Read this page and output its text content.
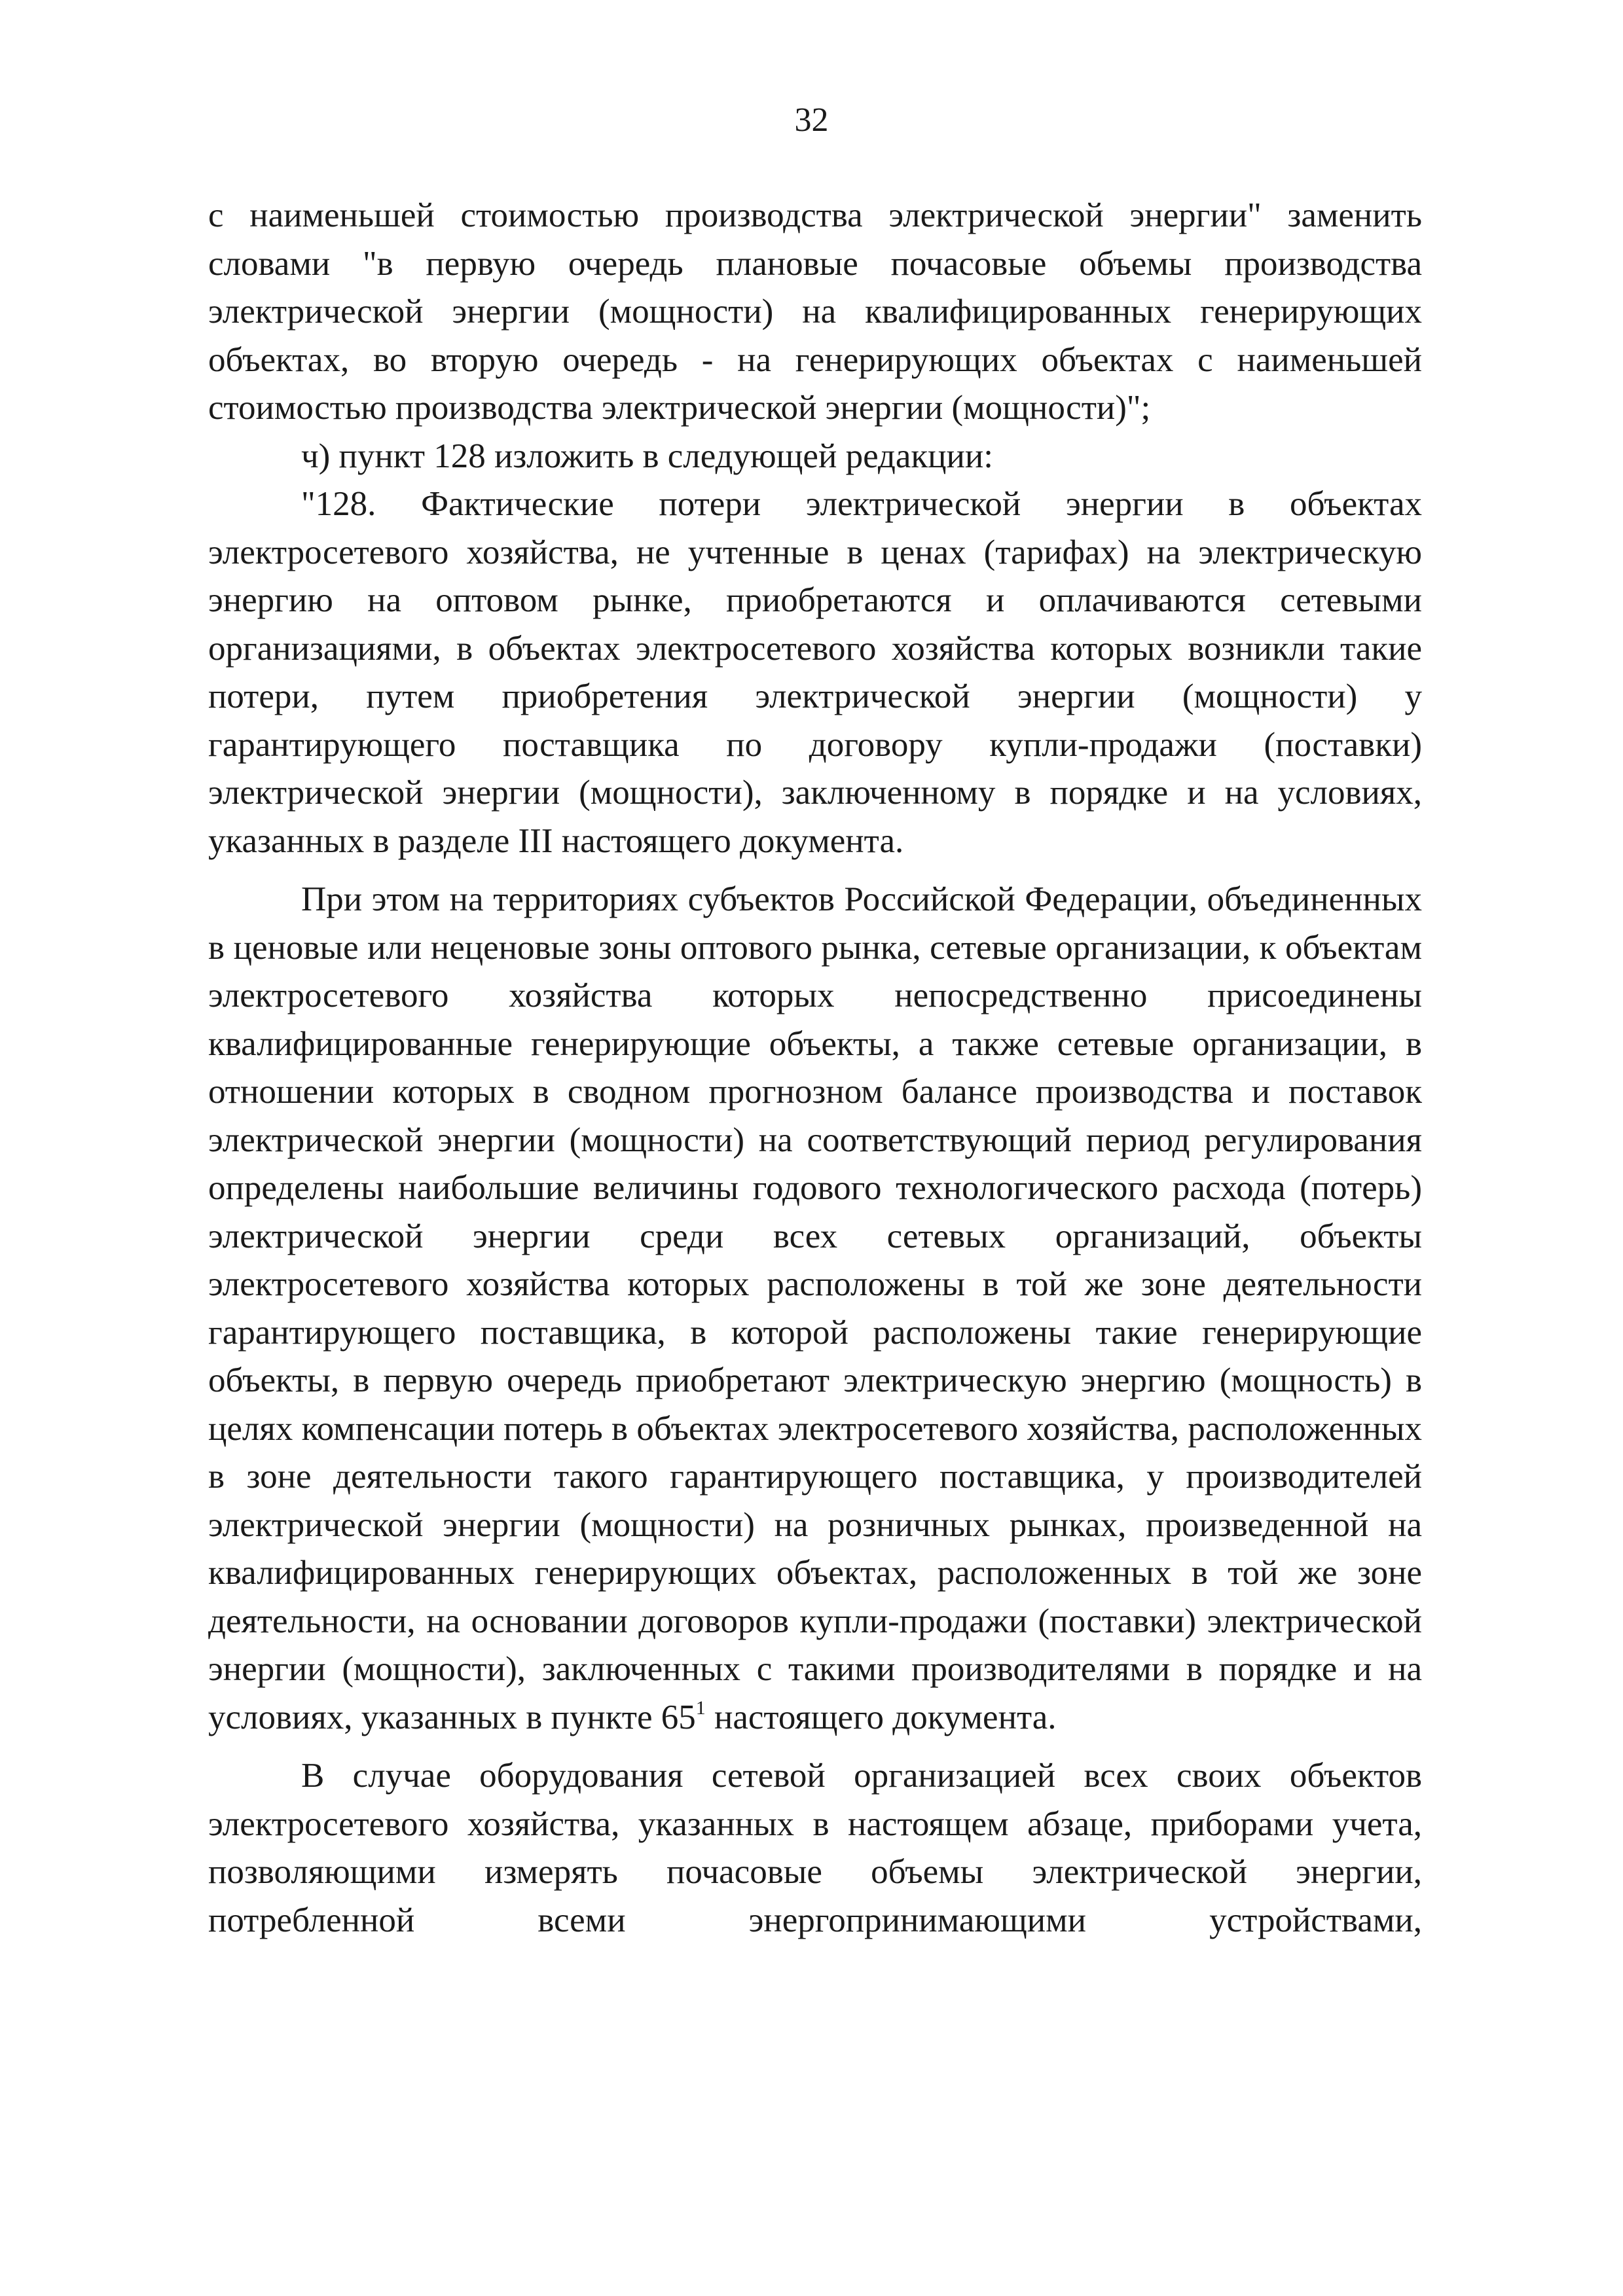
32

с наименьшей стоимостью производства электрической энергии" заменить словами "в первую очередь плановые почасовые объемы производства электрической энергии (мощности) на квалифицированных генерирующих объектах, во вторую очередь - на генерирующих объектах с наименьшей стоимостью производства электрической энергии (мощности)";

ч) пункт 128 изложить в следующей редакции:

"128. Фактические потери электрической энергии в объектах электросетевого хозяйства, не учтенные в ценах (тарифах) на электрическую энергию на оптовом рынке, приобретаются и оплачиваются сетевыми организациями, в объектах электросетевого хозяйства которых возникли такие потери, путем приобретения электрической энергии (мощности) у гарантирующего поставщика по договору купли-продажи (поставки) электрической энергии (мощности), заключенному в порядке и на условиях, указанных в разделе III настоящего документа.

При этом на территориях субъектов Российской Федерации, объединенных в ценовые или неценовые зоны оптового рынка, сетевые организации, к объектам электросетевого хозяйства которых непосредственно присоединены квалифицированные генерирующие объекты, а также сетевые организации, в отношении которых в сводном прогнозном балансе производства и поставок электрической энергии (мощности) на соответствующий период регулирования определены наибольшие величины годового технологического расхода (потерь) электрической энергии среди всех сетевых организаций, объекты электросетевого хозяйства которых расположены в той же зоне деятельности гарантирующего поставщика, в которой расположены такие генерирующие объекты, в первую очередь приобретают электрическую энергию (мощность) в целях компенсации потерь в объектах электросетевого хозяйства, расположенных в зоне деятельности такого гарантирующего поставщика, у производителей электрической энергии (мощности) на розничных рынках, произведенной на квалифицированных генерирующих объектах, расположенных в той же зоне деятельности, на основании договоров купли-продажи (поставки) электрической энергии (мощности), заключенных с такими производителями в порядке и на условиях, указанных в пункте $65^1$ настоящего документа.

В случае оборудования сетевой организацией всех своих объектов электросетевого хозяйства, указанных в настоящем абзаце, приборами учета, позволяющими измерять почасовые объемы электрической энергии, потребленной всеми энергопринимающими устройствами,
